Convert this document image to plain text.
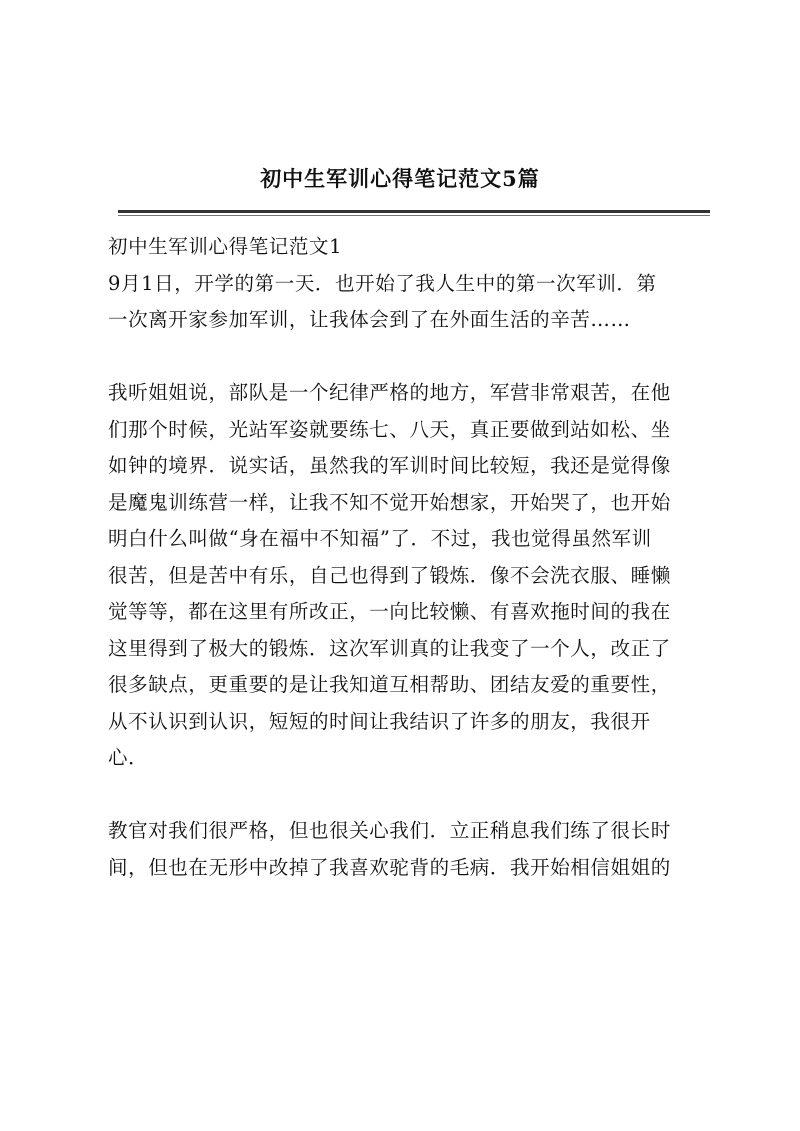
初中生军训心得笔记范文5篇

初中生军训心得笔记范文1

9月1日，开学的第一天．也开始了我人生中的第一次军训．第

一次离开家参加军训，让我体会到了在外面生活的辛苦……

我听姐姐说，部队是一个纪律严格的地方，军营非常艰苦，在他

们那个时候，光站军姿就要练七、八天，真正要做到站如松、坐

如钟的境界．说实话，虽然我的军训时间比较短，我还是觉得像

是魔鬼训练营一样，让我不知不觉开始想家，开始哭了，也开始

明白什么叫做“身在福中不知福”了．不过，我也觉得虽然军训

很苦，但是苦中有乐，自己也得到了锻炼．像不会洗衣服、睡懒

觉等等，都在这里有所改正，一向比较懒、有喜欢拖时间的我在

这里得到了极大的锻炼．这次军训真的让我变了一个人，改正了

很多缺点，更重要的是让我知道互相帮助、团结友爱的重要性，

从不认识到认识，短短的时间让我结识了许多的朋友，我很开

心．

教官对我们很严格，但也很关心我们．立正稍息我们练了很长时

间，但也在无形中改掉了我喜欢驼背的毛病．我开始相信姐姐的
